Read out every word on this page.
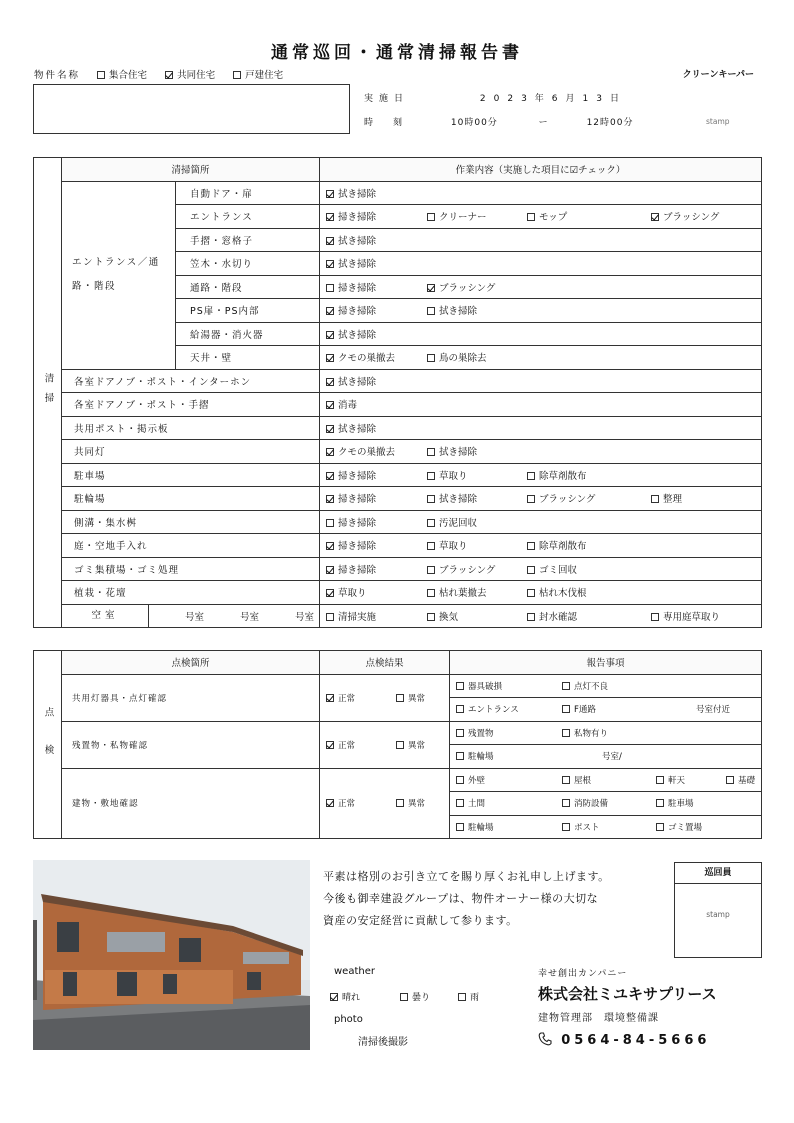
通常巡回・通常清掃報告書
物件名称	集合住宅	共同住宅	戸建住宅	クリーンキーパー
実施日	2023年6月13日
時刻	10時00分	ー	12時00分	stamp
清掃	清掃箇所		作業内容（実施した項目に☑チェック）
	エントランス／通路・階段	自動ドア・扉	拭き掃除
		エントランス	掃き掃除 クリーナー モップ ブラッシング
		手摺・窓格子	拭き掃除
		笠木・水切り	拭き掃除
		通路・階段	掃き掃除 ブラッシング
		PS扉・PS内部	掃き掃除 拭き掃除
		給湯器・消火器	拭き掃除
		天井・壁	クモの巣撤去 鳥の巣除去
	各室ドアノブ・ポスト・インターホン		拭き掃除
	各室ドアノブ・ポスト・手摺		消毒
	共用ポスト・掲示板		拭き掃除
	共同灯		クモの巣撤去 拭き掃除
	駐車場		掃き掃除 草取り 除草剤散布
	駐輪場		掃き掃除 拭き掃除 ブラッシング 整理
	側溝・集水桝		掃き掃除 汚泥回収
	庭・空地手入れ		掃き掃除 草取り 除草剤散布
	ゴミ集積場・ゴミ処理		掃き掃除 ブラッシング ゴミ回収
	植栽・花壇		草取り 枯れ葉撤去 枯れ木伐根

	空室 号室 号室 号室		清掃実施 換気 封水確認 専用庭草取り
点検	点検箇所	点検結果	報告事項
	共用灯器具・点灯確認	正常 異常	器具破損 点灯不良
			エントランス F通路 号室付近
	残置物・私物確認	正常 異常	残置物 私物有り
			駐輪場 号室/
	建物・敷地確認	正常 異常	外壁 屋根 軒天 基礎
			土間 消防設備 駐車場
			駐輪場 ポスト ゴミ置場
平素は格別のお引き立てを賜り厚くお礼申し上げます。
今後も御幸建設グループは、物件オーナー様の大切な
資産の安定経営に貢献して参ります。
巡回員
stamp
weather
晴れ	曇り	雨
photo
清掃後撮影
幸せ創出カンパニー
株式会社ミユキサプリース
建物管理部　環境整備課
0564-84-5666
